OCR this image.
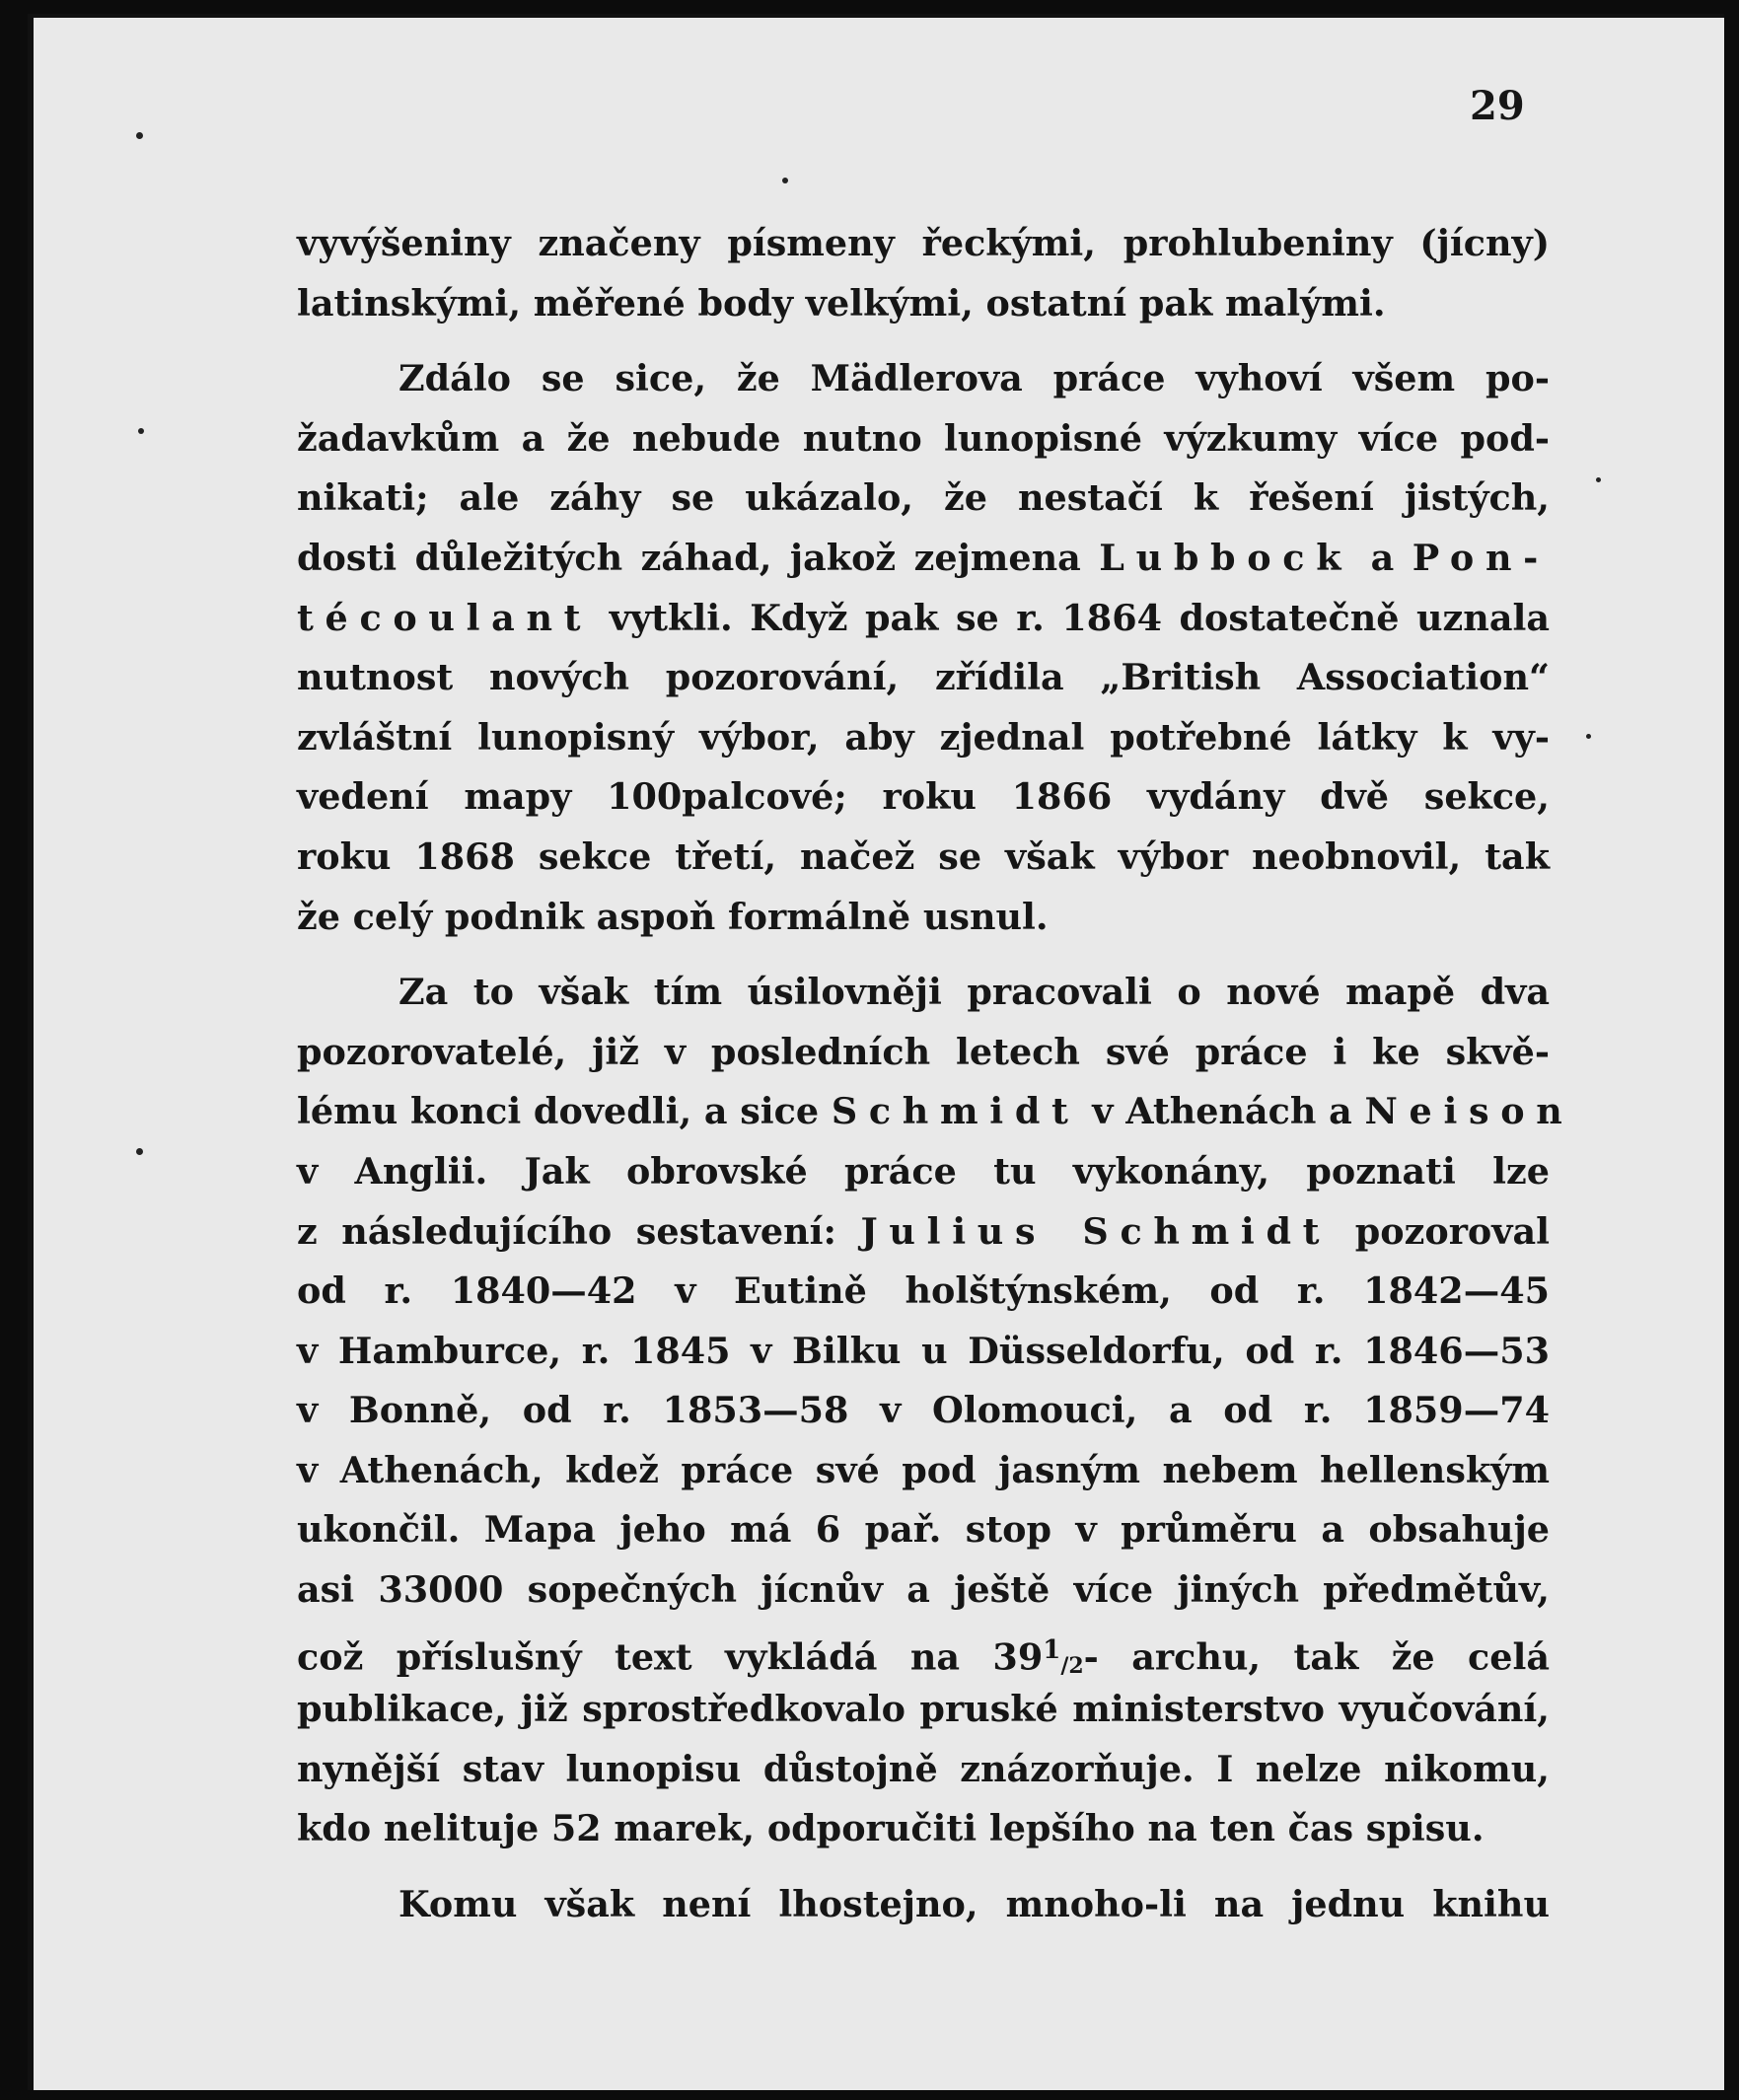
29
vyvýšeniny značeny písmeny řeckými, prohlubeniny (jícny)
latinskými, měřené body velkými, ostatní pak malými.
Zdálo se sice, že Mädlerova práce vyhoví všem po-
žadavkům a že nebude nutno lunopisné výzkumy více pod-
nikati; ale záhy se ukázalo, že nestačí k řešení jistých,
dosti důležitých záhad, jakož zejmena Lubbock a Pon-
técoulant vytkli. Když pak se r. 1864 dostatečně uznala
nutnost nových pozorování, zřídila „British Association“
zvláštní lunopisný výbor, aby zjednal potřebné látky k vy-
vedení mapy 100palcové; roku 1866 vydány dvě sekce,
roku 1868 sekce třetí, načež se však výbor neobnovil, tak
že celý podnik aspoň formálně usnul.
Za to však tím úsilovněji pracovali o nové mapě dva
pozorovatelé, již v posledních letech své práce i ke skvě-
lému konci dovedli, a sice Schmidt v Athenách a Neison
v Anglii. Jak obrovské práce tu vykonány, poznati lze
z následujícího sestavení: Julius Schmidt pozoroval
od r. 1840—42 v Eutině holštýnském, od r. 1842—45
v Hamburce, r. 1845 v Bilku u Düsseldorfu, od r. 1846—53
v Bonně, od r. 1853—58 v Olomouci, a od r. 1859—74
v Athenách, kdež práce své pod jasným nebem hellenským
ukončil. Mapa jeho má 6 pař. stop v průměru a obsahuje
asi 33000 sopečných jícnův a ještě více jiných předmětův,
což příslušný text vykládá na $39^1/2-$ archu, tak že celá
publikace, již sprostředkovalo pruské ministerstvo vyučování,
nynější stav lunopisu důstojně znázorňuje. I nelze nikomu,
kdo nelituje 52 marek, odporučiti lepšího na ten čas spisu.
Komu však není lhostejno, mnoho-li na jednu knihu
